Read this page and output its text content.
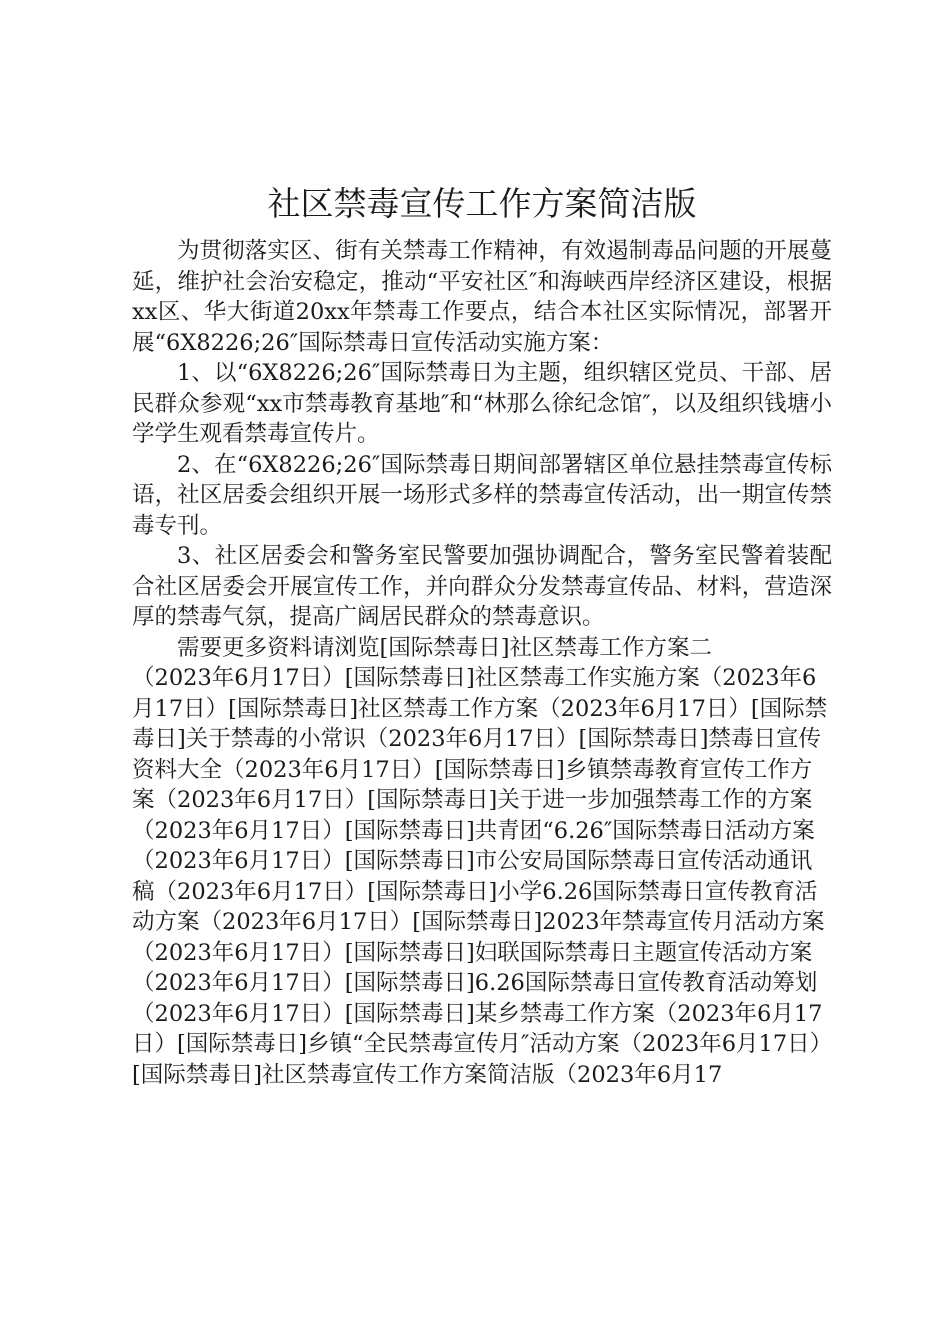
社区禁毒宣传工作方案简洁版

为贯彻落实区、街有关禁毒工作精神，有效遏制毒品问题的开展蔓延，维护社会治安稳定，推动“平安社区″和海峡西岸经济区建设，根据xx区、华大街道20xx年禁毒工作要点，结合本社区实际情况，部署开展“6X8226;26″国际禁毒日宣传活动实施方案：

1、以“6X8226;26″国际禁毒日为主题，组织辖区党员、干部、居民群众参观“xx市禁毒教育基地″和“林那么徐纪念馆″，以及组织钱塘小学学生观看禁毒宣传片。

2、在“6X8226;26″国际禁毒日期间部署辖区单位悬挂禁毒宣传标语，社区居委会组织开展一场形式多样的禁毒宣传活动，出一期宣传禁毒专刊。

3、社区居委会和警务室民警要加强协调配合，警务室民警着装配合社区居委会开展宣传工作，并向群众分发禁毒宣传品、材料，营造深厚的禁毒气氛，提高广阔居民群众的禁毒意识。

需要更多资料请浏览[国际禁毒日]社区禁毒工作方案二

（2023年6月17日）[国际禁毒日]社区禁毒工作实施方案（2023年6月17日）[国际禁毒日]社区禁毒工作方案（2023年6月17日）[国际禁毒日]关于禁毒的小常识（2023年6月17日）[国际禁毒日]禁毒日宣传资料大全（2023年6月17日）[国际禁毒日]乡镇禁毒教育宣传工作方案（2023年6月17日）[国际禁毒日]关于进一步加强禁毒工作的方案（2023年6月17日）[国际禁毒日]共青团“6.26″国际禁毒日活动方案（2023年6月17日）[国际禁毒日]市公安局国际禁毒日宣传活动通讯稿（2023年6月17日）[国际禁毒日]小学6.26国际禁毒日宣传教育活动方案（2023年6月17日）[国际禁毒日]2023年禁毒宣传月活动方案（2023年6月17日）[国际禁毒日]妇联国际禁毒日主题宣传活动方案（2023年6月17日）[国际禁毒日]6.26国际禁毒日宣传教育活动筹划（2023年6月17日）[国际禁毒日]某乡禁毒工作方案（2023年6月17日）[国际禁毒日]乡镇“全民禁毒宣传月″活动方案（2023年6月17日）[国际禁毒日]社区禁毒宣传工作方案简洁版（2023年6月17
